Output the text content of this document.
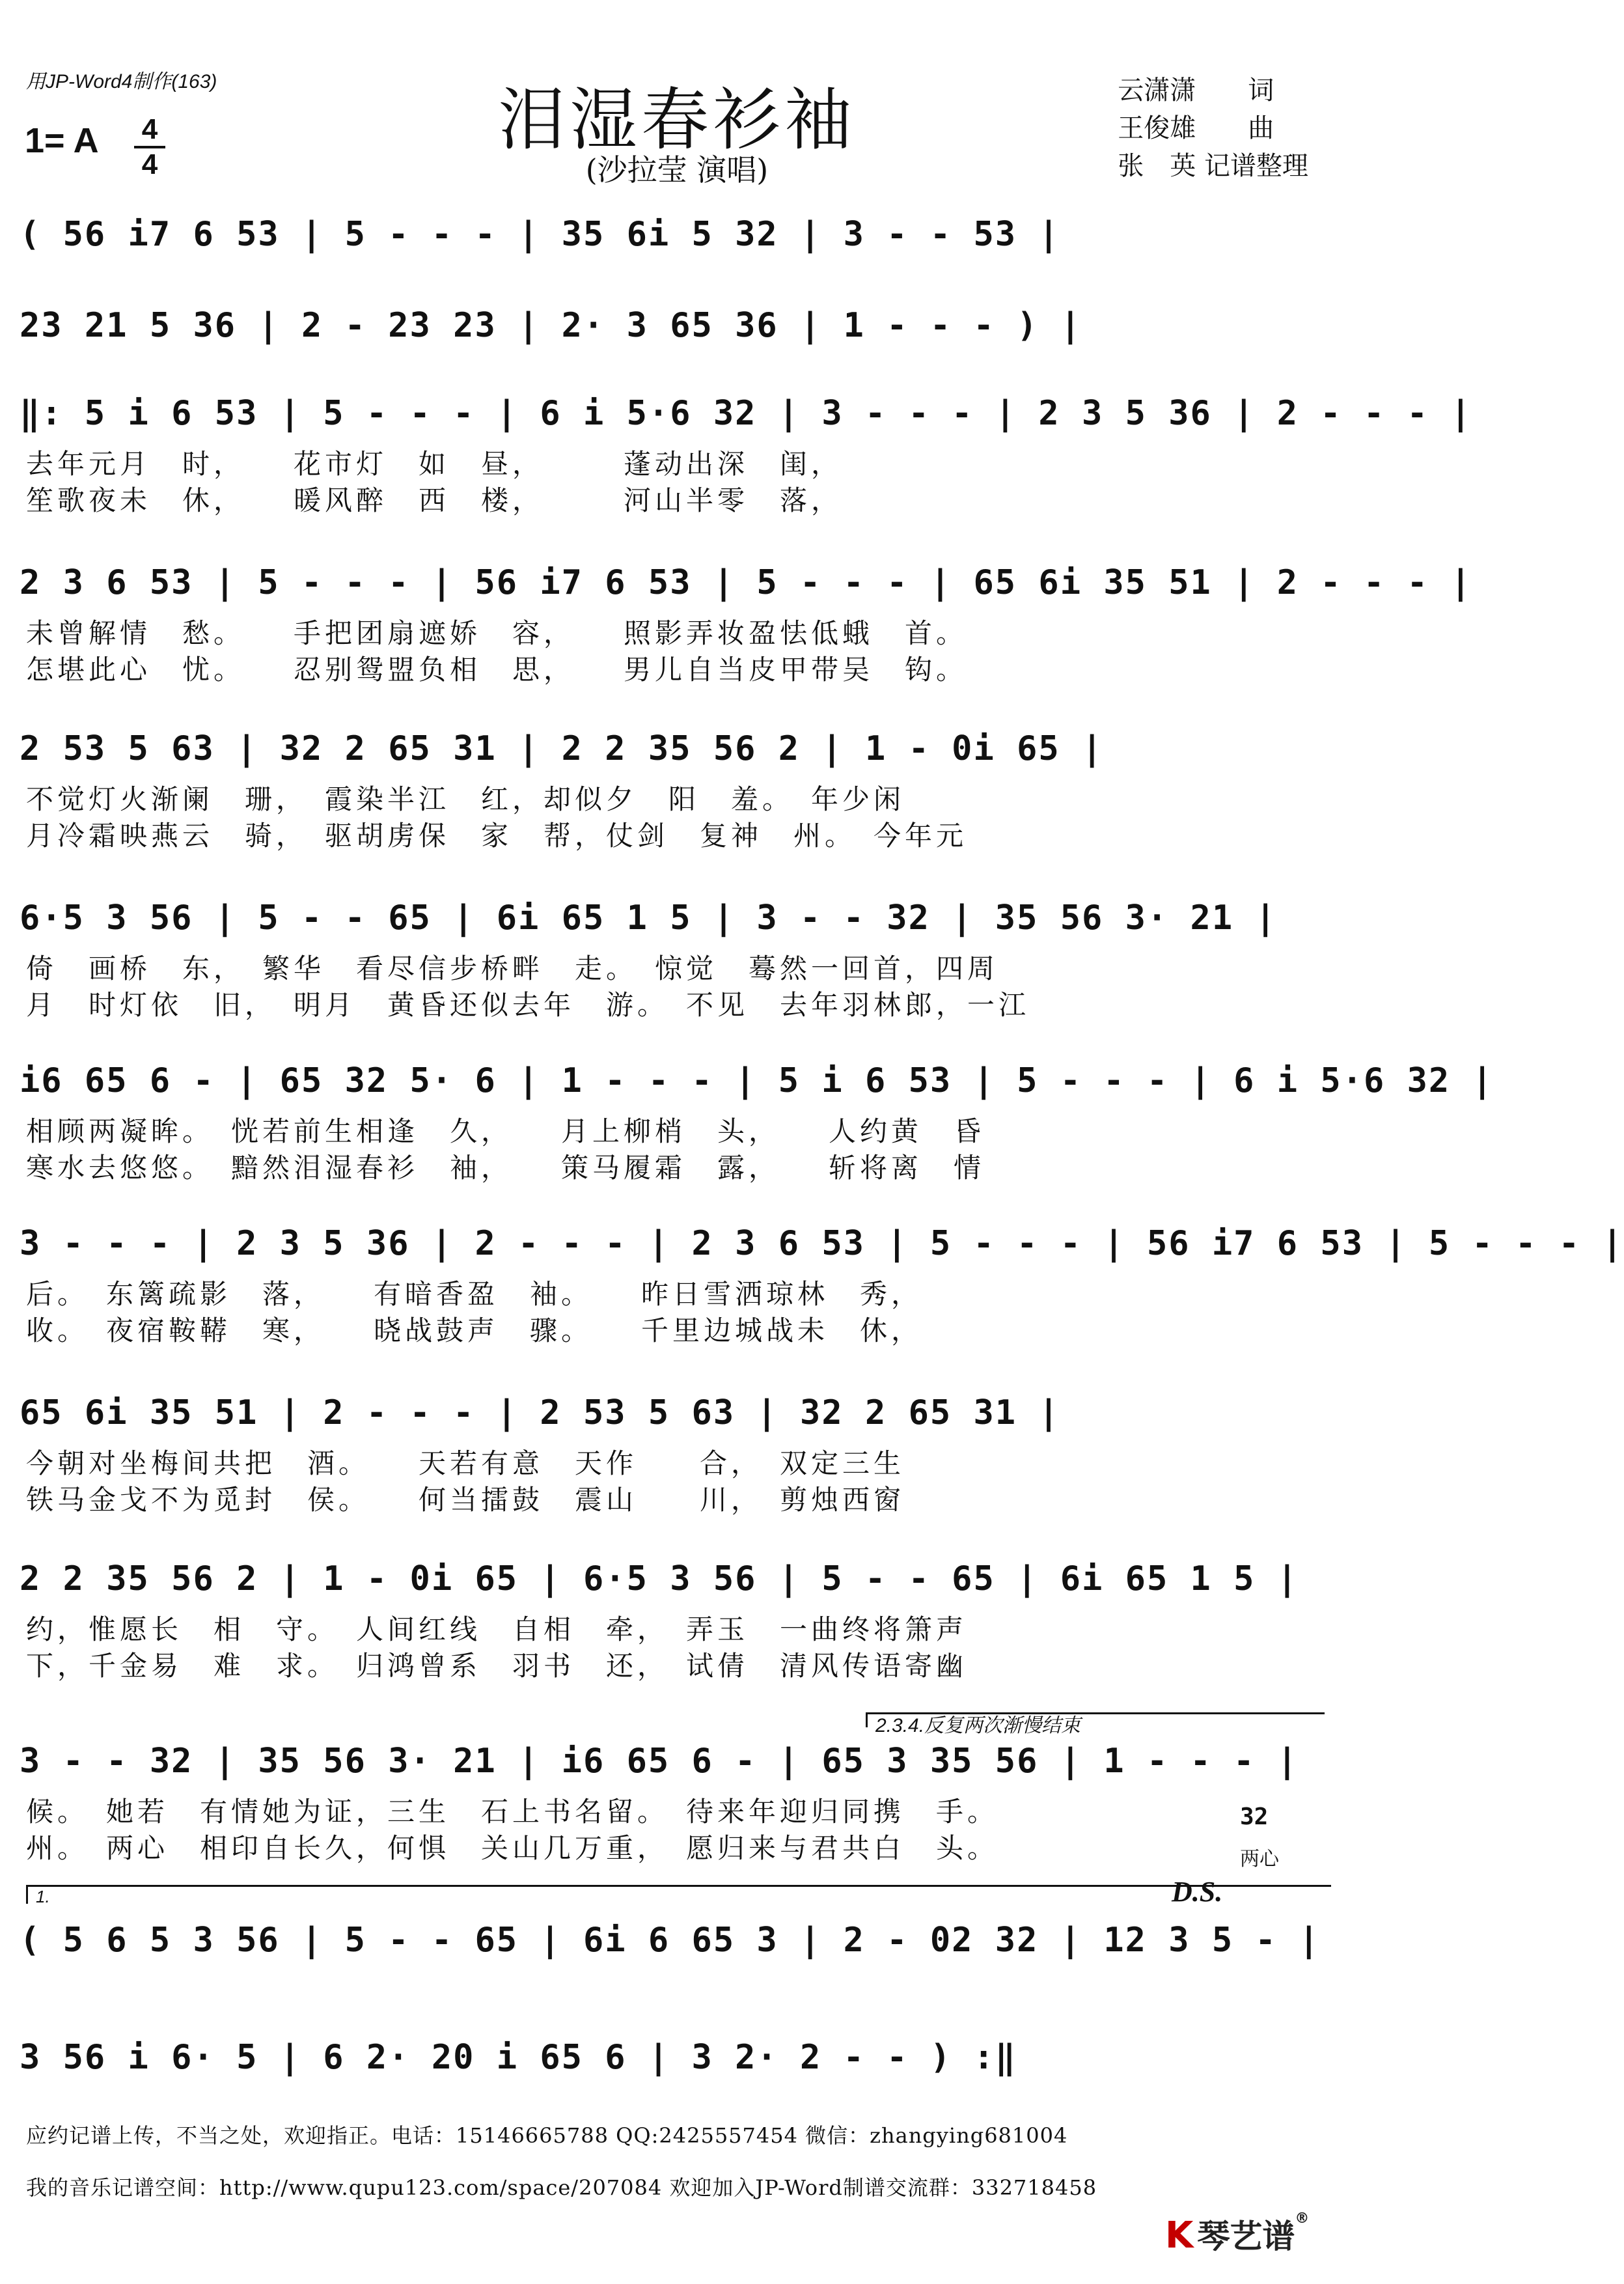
用JP-Word4制作(163)
1= A	4
4
泪湿春衫袖
(沙拉莹 演唱)
云潇潇　　词
王俊雄　　曲
张　英 记谱整理
( 56 i7 6 53 | 5 - - - | 35 6i 5 32 | 3 - - 53 |
23 21 5 36 | 2 - 23 23 | 2· 3 65 36 | 1 - - - ) |
‖: 5 i 6 53 | 5 - - - | 6 i 5·6 32 | 3 - - - | 2 3 5 36 | 2 - - - |
去年元月　时，　　花市灯　如　昼，　　　蓬动出深　闺，
笙歌夜未　休，　　暖风醉　西　楼，　　　河山半零　落，
2 3 6 53 | 5 - - - | 56 i7 6 53 | 5 - - - | 65 6i 35 51 | 2 - - - |
未曾解情　愁。　　手把团扇遮娇　容，　　照影弄妆盈怯低蛾　首。
怎堪此心　忧。　　忍别鸳盟负相　思，　　男儿自当皮甲带吴　钩。
2 53 5 63 | 32 2 65 31 | 2 2 35 56 2 | 1 - 0i 65 |
不觉灯火渐阑　珊，　霞染半江　红，却似夕　阳　羞。　年少闲
月冷霜映燕云　骑，　驱胡虏保　家　帮，仗剑　复神　州。　今年元
6·5 3 56 | 5 - - 65 | 6i 65 1 5 | 3 - - 32 | 35 56 3· 21 |
倚　画桥　东，　繁华　看尽信步桥畔　走。　惊觉　蓦然一回首，四周
月　时灯依　旧，　明月　黄昏还似去年　游。　不见　去年羽林郎，一江
i6 65 6 - | 65 32 5· 6 | 1 - - - | 5 i 6 53 | 5 - - - | 6 i 5·6 32 |
相顾两凝眸。　恍若前生相逢　久，　　月上柳梢　头，　　人约黄　昏
寒水去悠悠。　黯然泪湿春衫　袖，　　策马履霜　露，　　斩将离　情
3 - - - | 2 3 5 36 | 2 - - - | 2 3 6 53 | 5 - - - | 56 i7 6 53 | 5 - - - |
后。　东篱疏影　落，　　有暗香盈　袖。　　昨日雪洒琼林　秀，
收。　夜宿鞍鞯　寒，　　晓战鼓声　骤。　　千里边城战未　休，
65 6i 35 51 | 2 - - - | 2 53 5 63 | 32 2 65 31 |
今朝对坐梅间共把　酒。　　天若有意　天作　　合，　双定三生
铁马金戈不为觅封　侯。　　何当擂鼓　震山　　川，　剪烛西窗
2 2 35 56 2 | 1 - 0i 65 | 6·5 3 56 | 5 - - 65 | 6i 65 1 5 |
约，惟愿长　相　守。　人间红线　自相　牵，　弄玉　一曲终将箫声
下，千金易　难　求。　归鸿曾系　羽书　还，　试倩　清风传语寄幽
2.3.4.反复两次渐慢结束
3 - - 32 | 35 56 3· 21 | i6 65 6 - | 65 3 35 56 | 1 - - - |
候。　她若　有情她为证，三生　石上书名留。　待来年迎归同携　手。
州。　两心　相印自长久，何惧　关山几万重，　愿归来与君共白　头。
32
两心
D.S.
1.
( 5 6 5 3 56 | 5 - - 65 | 6i 6 65 3 | 2 - 02 32 | 12 3 5 - |
3 56 i 6· 5 | 6 2· 20 i 65 6 | 3 2· 2 - - ) :‖
应约记谱上传，不当之处，欢迎指正。电话：15146665788 QQ:2425557454 微信：zhangying681004
我的音乐记谱空间：http://www.qupu123.com/space/207084 欢迎加入JP-Word制谱交流群：332718458
K 琴艺谱®
